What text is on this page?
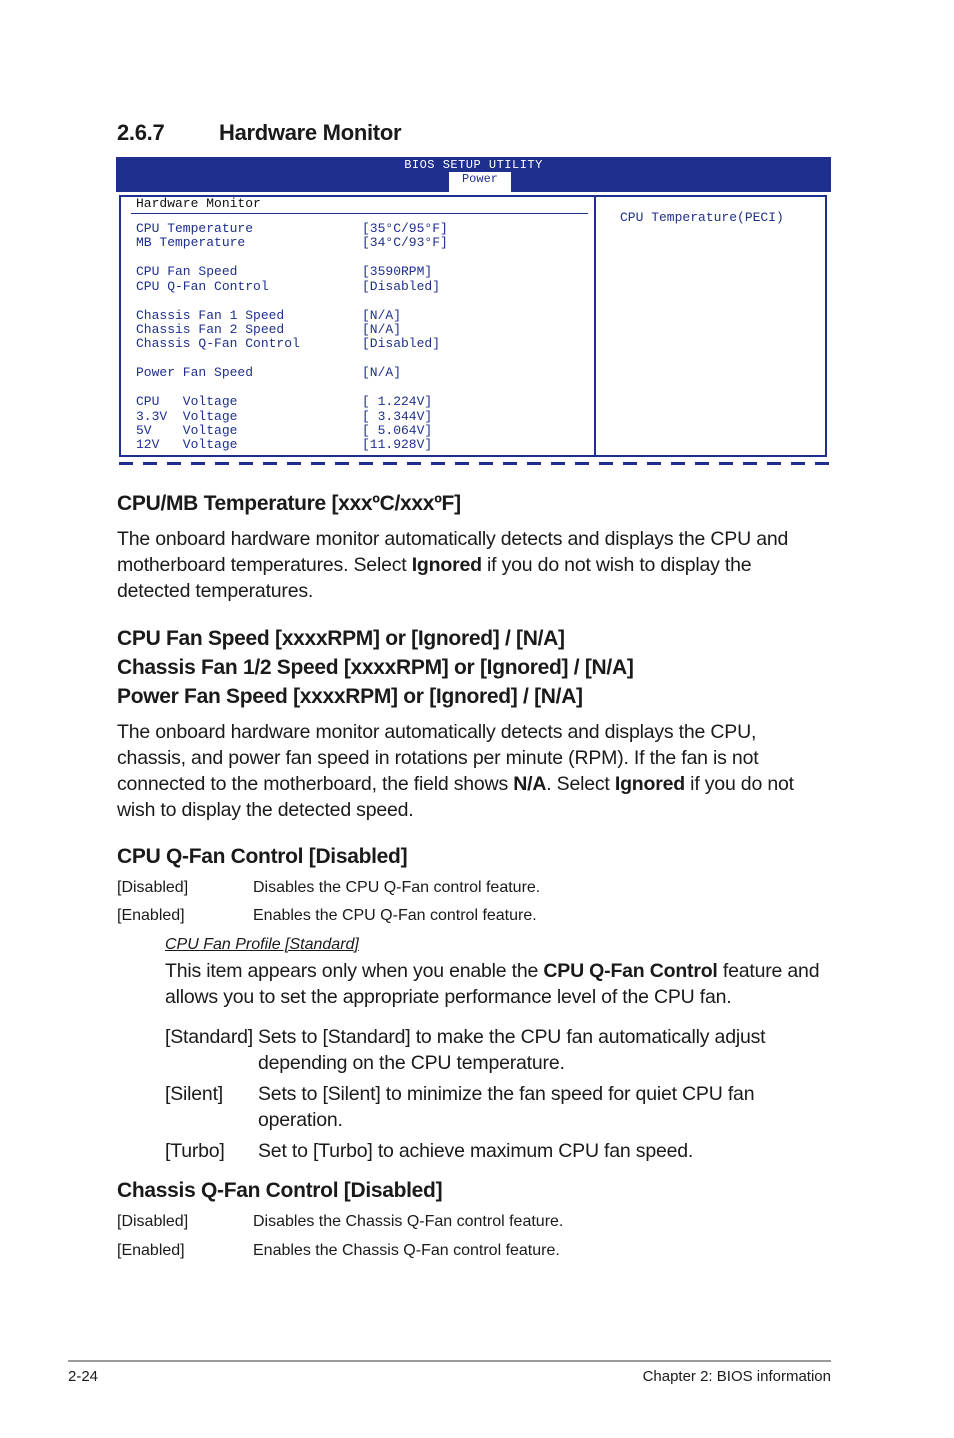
2.6.7 Hardware Monitor
BIOS SETUP UTILITY
Power
Hardware Monitor
CPU Temperature	[35°C/95°F]
MB Temperature	[34°C/93°F]
CPU Fan Speed	[3590RPM]
CPU Q-Fan Control	[Disabled]
Chassis Fan 1 Speed	[N/A]
Chassis Fan 2 Speed	[N/A]
Chassis Q-Fan Control	[Disabled]
Power Fan Speed	[N/A]
CPU   Voltage	[ 1.224V]
3.3V  Voltage	[ 3.344V]
5V    Voltage	[ 5.064V]
12V   Voltage	[11.928V]
CPU Temperature(PECI)
CPU/MB Temperature [xxxºC/xxxºF]
The onboard hardware monitor automatically detects and displays the CPU and
motherboard temperatures. Select Ignored if you do not wish to display the
detected temperatures.
CPU Fan Speed [xxxxRPM] or [Ignored] / [N/A]
Chassis Fan 1/2 Speed [xxxxRPM] or [Ignored] / [N/A]
Power Fan Speed [xxxxRPM] or [Ignored] / [N/A]
The onboard hardware monitor automatically detects and displays the CPU,
chassis, and power fan speed in rotations per minute (RPM). If the fan is not
connected to the motherboard, the field shows N/A. Select Ignored if you do not
wish to display the detected speed.
CPU Q-Fan Control [Disabled]
[Disabled]	Disables the CPU Q-Fan control feature.
[Enabled]	Enables the CPU Q-Fan control feature.
CPU Fan Profile [Standard]
This item appears only when you enable the CPU Q-Fan Control feature and
allows you to set the appropriate performance level of the CPU fan.
[Standard] Sets to [Standard] to make the CPU fan automatically adjust
depending on the CPU temperature.
[Silent] Sets to [Silent] to minimize the fan speed for quiet CPU fan
operation.
[Turbo] Set to [Turbo] to achieve maximum CPU fan speed.
Chassis Q-Fan Control [Disabled]
[Disabled]	Disables the Chassis Q-Fan control feature.
[Enabled]	Enables the Chassis Q-Fan control feature.
2-24	Chapter 2: BIOS information
